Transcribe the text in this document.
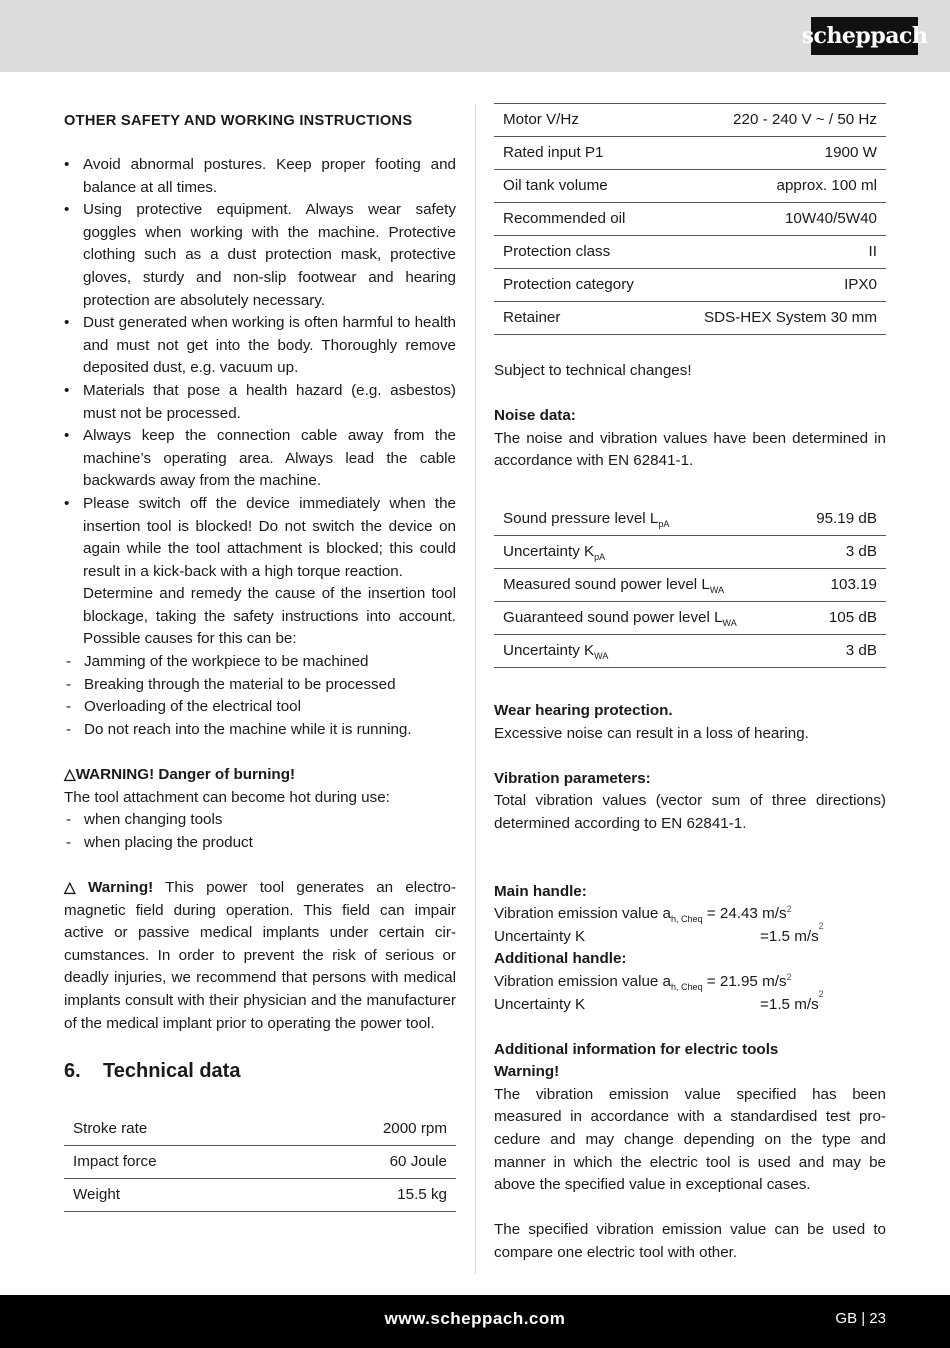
scheppach
OTHER SAFETY AND WORKING INSTRUCTIONS
• Avoid abnormal postures. Keep proper footing and balance at all times.
• Using protective equipment. Always wear safety goggles when working with the machine. Protective clothing such as a dust protection mask, protective gloves, sturdy and non-slip footwear and hearing protection are absolutely necessary.
• Dust generated when working is often harmful to health and must not get into the body. Thoroughly remove deposited dust, e.g. vacuum up.
• Materials that pose a health hazard (e.g. asbestos) must not be processed.
• Always keep the connection cable away from the machine’s operating area. Always lead the cable backwards away from the machine.
• Please switch off the device immediately when the insertion tool is blocked! Do not switch the device on again while the tool attachment is blocked; this could result in a kick-back with a high torque reaction.
Determine and remedy the cause of the insertion tool blockage, taking the safety instructions into account. Possible causes for this can be:
- Jamming of the workpiece to be machined
- Breaking through the material to be processed
- Overloading of the electrical tool
- Do not reach into the machine while it is running.
△WARNING! Danger of burning!
The tool attachment can become hot during use:
- when changing tools
- when placing the product

△ Warning! This power tool generates an electromagnetic field during operation. This field can impair active or passive medical implants under certain circumstances. In order to prevent the risk of serious or deadly injuries, we recommend that persons with medical implants consult with their physician and the manufacturer of the medical implant prior to operating the power tool.

6. Technical data
Stroke rate	2000 rpm
Impact force	60 Joule
Weight	15.5 kg
Motor V/Hz	220 - 240 V ~ / 50 Hz
Rated input P1	1900 W
Oil tank volume	approx. 100 ml
Recommended oil	10W40/5W40
Protection class	II
Protection category	IPX0
Retainer	SDS-HEX System 30 mm
Subject to technical changes!
Noise data:
The noise and vibration values have been determined in accordance with EN 62841-1.
Sound pressure level $L_{pA}$	95.19 dB
Uncertainty $K_{pA}$	3 dB
Measured sound power level $L_{WA}$	103.19
Guaranteed sound power level $L_{WA}$	105 dB
Uncertainty $K_{WA}$	3 dB
Wear hearing protection.
Excessive noise can result in a loss of hearing.
Vibration parameters:
Total vibration values (vector sum of three directions) determined according to EN 62841-1.
Main handle:
Vibration emission value $a_{h, Cheq} = 24.43$ $m/s^2$
Uncertainty K	=1.5 m/s
2
Additional handle:
Vibration emission value $a_{h, Cheq} = 21.95$ $m/s^2$
Uncertainty K	=1.5 m/s
2
Additional information for electric tools
Warning!
The vibration emission value specified has been measured in accordance with a standardised test procedure and may change depending on the type and manner in which the electric tool is used and may be above the specified value in exceptional cases.
The specified vibration emission value can be used to compare one electric tool with other.
www.scheppach.com	GB | 23
